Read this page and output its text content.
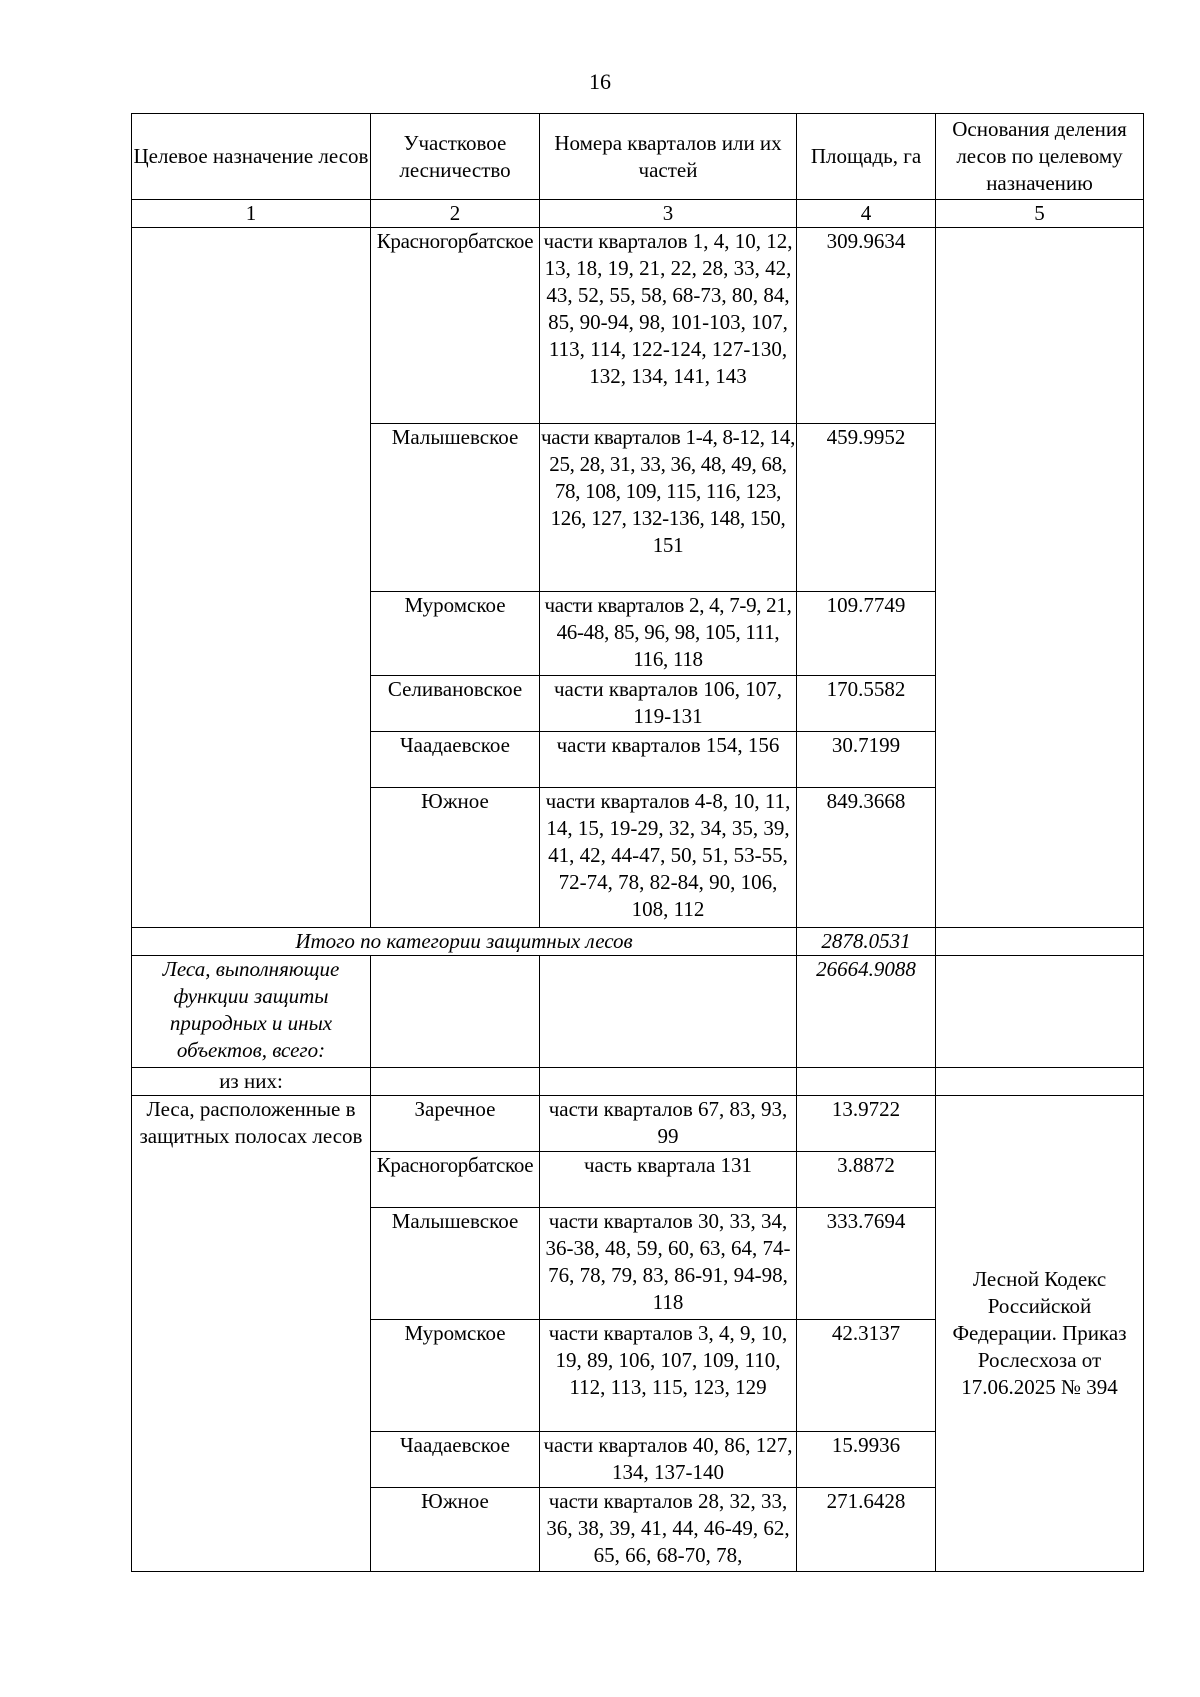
16
Целевое назначение лесов	Участковое лесничество	Номера кварталов или их частей	Площадь, га	Основания деления лесов по целевому назначению
1	2	3	4	5
	Красногорбатское	части кварталов 1, 4, 10, 12, 13, 18, 19, 21, 22, 28, 33, 42, 43, 52, 55, 58, 68-73, 80, 84, 85, 90-94, 98, 101-103, 107, 113, 114, 122-124, 127-130, 132, 134, 141, 143	309.9634	
	Малышевское	части кварталов 1-4, 8-12, 14, 25, 28, 31, 33, 36, 48, 49, 68, 78, 108, 109, 115, 116, 123, 126, 127, 132-136, 148, 150, 151	459.9952	
	Муромское	части кварталов 2, 4, 7-9, 21, 46-48, 85, 96, 98, 105, 111, 116, 118	109.7749	
	Селивановское	части кварталов 106, 107, 119-131	170.5582	
	Чаадаевское	части кварталов 154, 156	30.7199	
	Южное	части кварталов 4-8, 10, 11, 14, 15, 19-29, 32, 34, 35, 39, 41, 42, 44-47, 50, 51, 53-55, 72-74, 78, 82-84, 90, 106, 108, 112	849.3668	
Итого по категории защитных лесов			2878.0531	
Леса, выполняющие функции защиты природных и иных объектов, всего:			26664.9088	
из них:				
Леса, расположенные в защитных полосах лесов	Заречное	части кварталов 67, 83, 93, 99	13.9722	Лесной Кодекс Российской Федерации. Приказ Рослесхоза от 17.06.2025 № 394
	Красногорбатское	часть квартала 131	3.8872	
	Малышевское	части кварталов 30, 33, 34, 36-38, 48, 59, 60, 63, 64, 74-76, 78, 79, 83, 86-91, 94-98, 118	333.7694	
	Муромское	части кварталов 3, 4, 9, 10, 19, 89, 106, 107, 109, 110, 112, 113, 115, 123, 129	42.3137	
	Чаадаевское	части кварталов 40, 86, 127, 134, 137-140	15.9936	
	Южное	части кварталов 28, 32, 33, 36, 38, 39, 41, 44, 46-49, 62, 65, 66, 68-70, 78,	271.6428	
